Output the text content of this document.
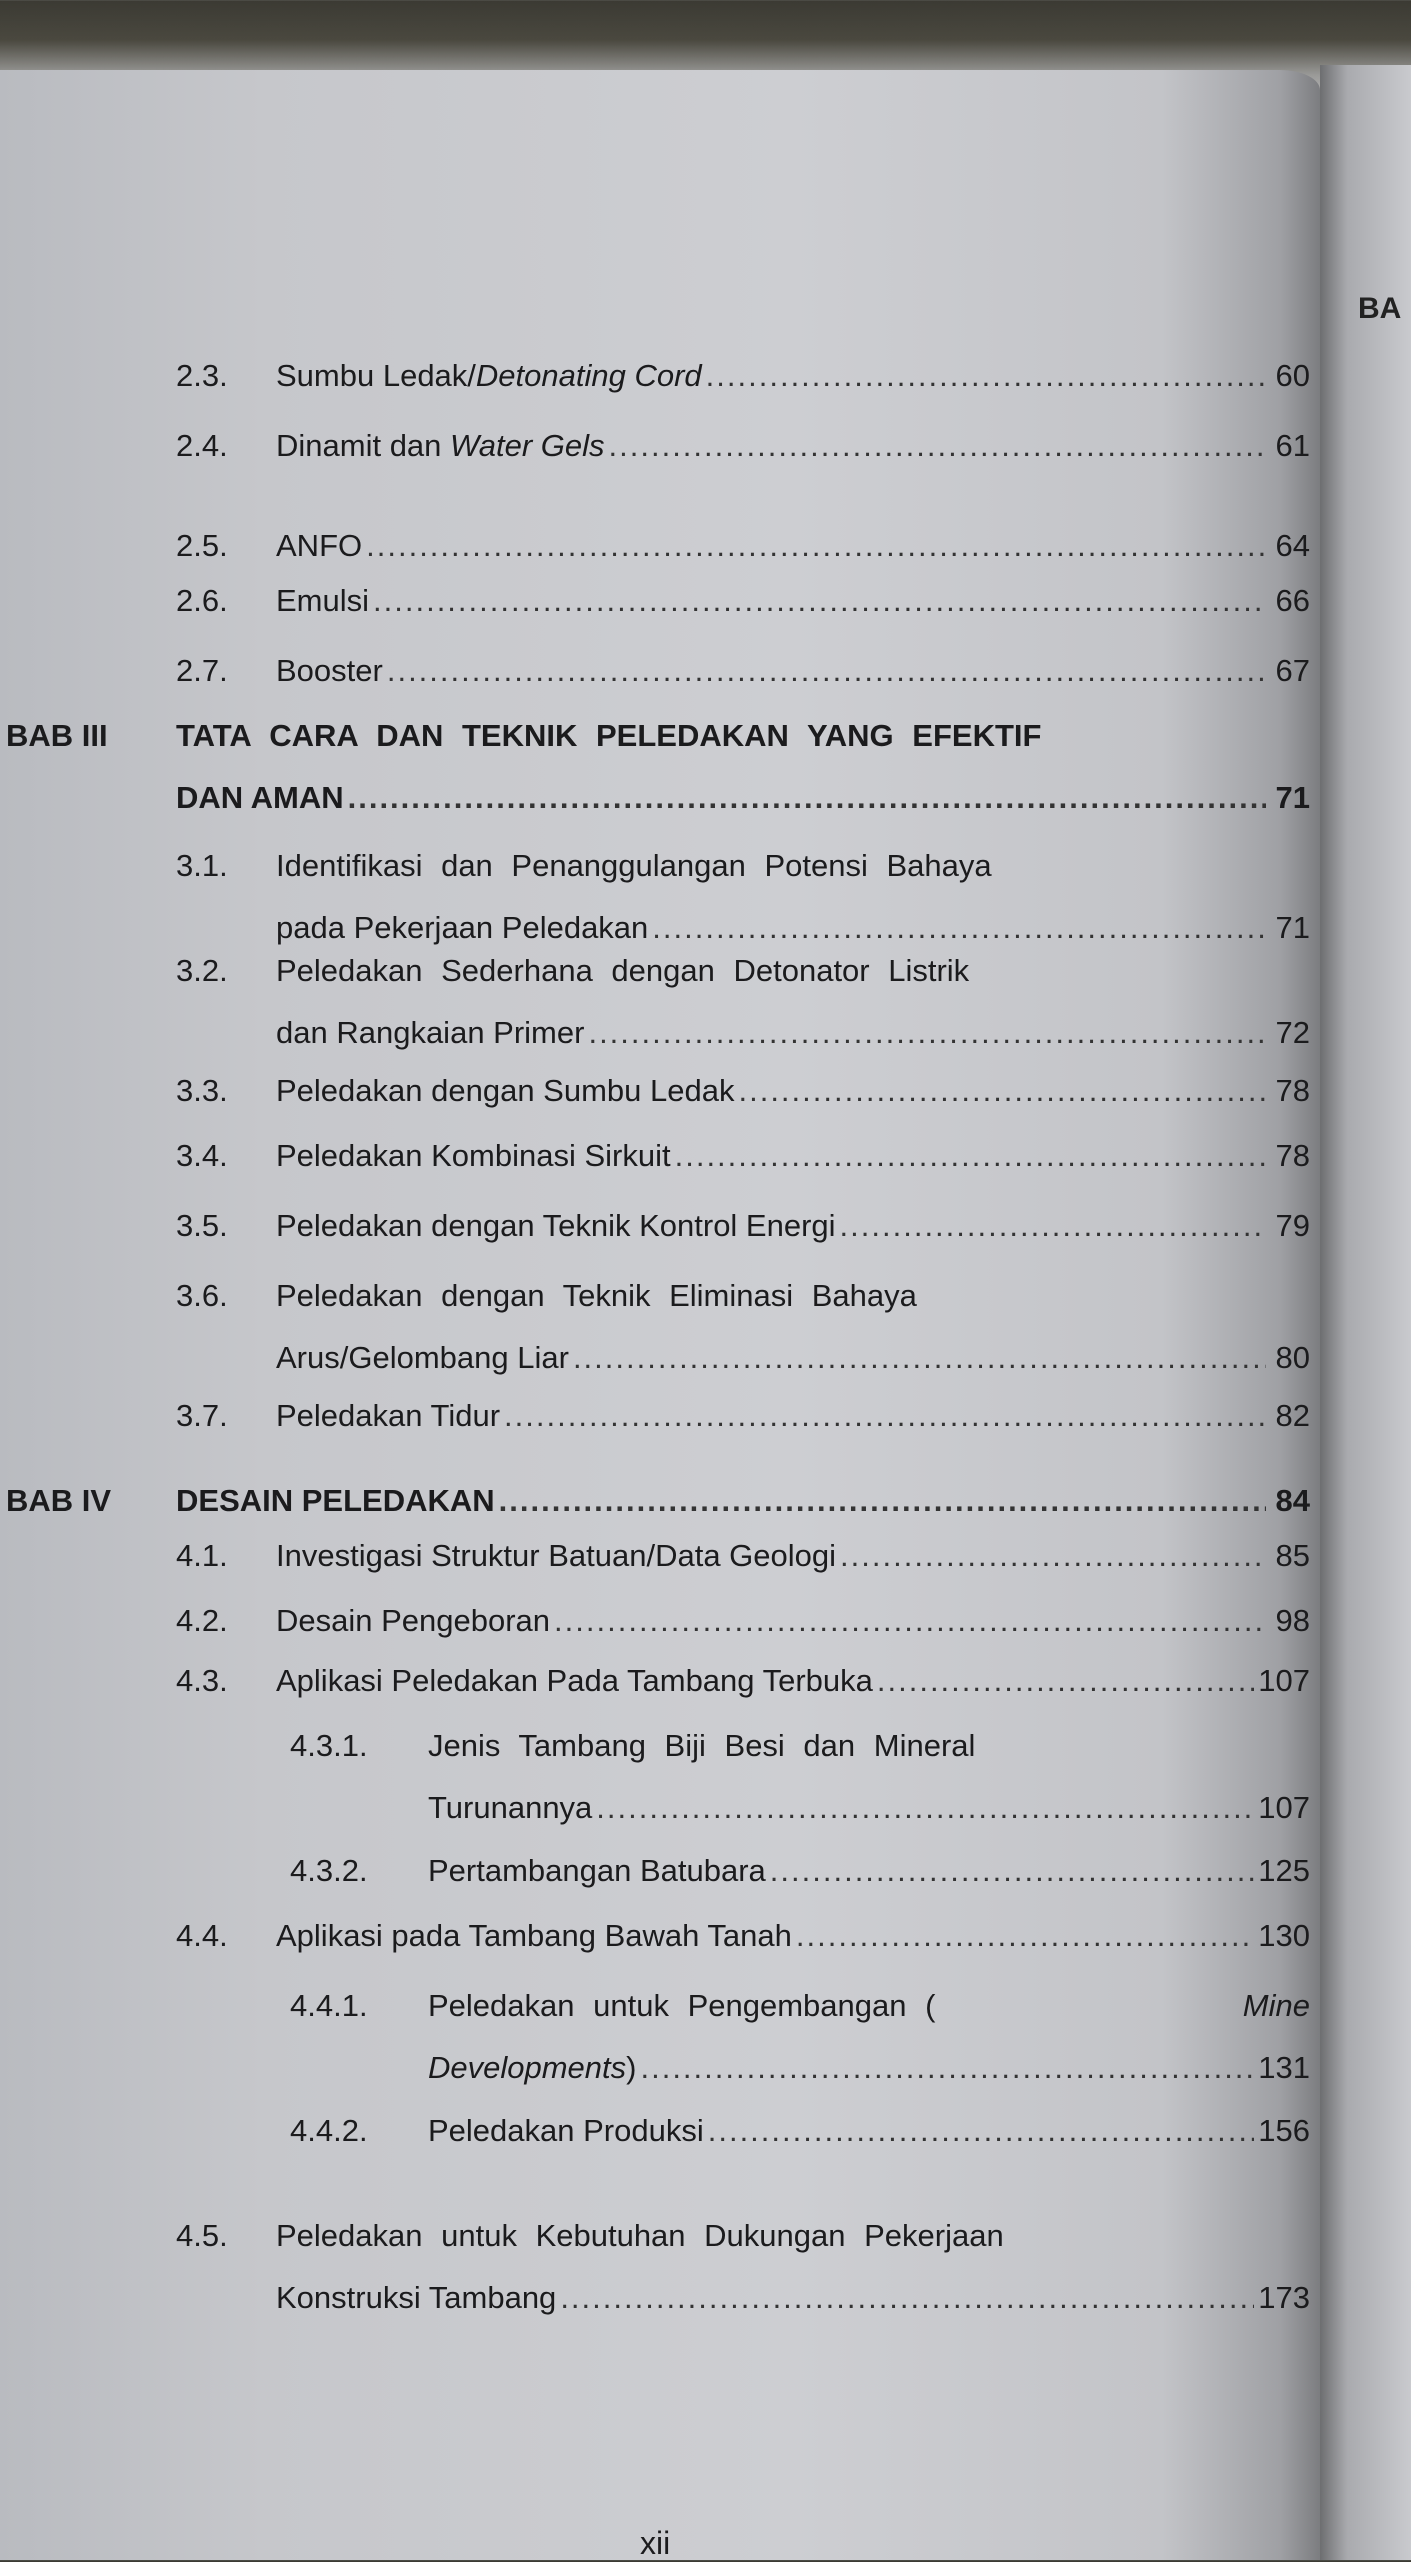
2.3. Sumbu Ledak/ Detonating Cord .....	60
2.4. Dinamit dan Water Gels .....	61
2.5. ANFO .....	64
2.6. Emulsi .....	66
2.7. Booster .....	67
BAB III TATA CARA DAN TEKNIK PELEDAKAN YANG EFEKTIF
DAN AMAN .....	71
3.1. Identifikasi dan Penanggulangan Potensi Bahaya
pada Pekerjaan Peledakan .....	71
3.2. Peledakan Sederhana dengan Detonator Listrik
dan Rangkaian Primer .....	72
3.3. Peledakan dengan Sumbu Ledak .....	78
3.4. Peledakan Kombinasi Sirkuit .....	78
3.5. Peledakan dengan Teknik Kontrol Energi .....	79
3.6. Peledakan dengan Teknik Eliminasi Bahaya
Arus/Gelombang Liar .....	80
3.7. Peledakan Tidur .....	82
BAB IV DESAIN PELEDAKAN .....	84
4.1. Investigasi Struktur Batuan/Data Geologi .....	85
4.2. Desain Pengeboran .....	98
4.3. Aplikasi Peledakan Pada Tambang Terbuka .....	107
4.3.1. Jenis Tambang Biji Besi dan Mineral
Turunannya .....	107
4.3.2. Pertambangan Batubara .....	125
4.4. Aplikasi pada Tambang Bawah Tanah .....	130
4.4.1. Peledakan untuk Pengembangan (	Mine
Developments ) .....	131
4.4.2. Peledakan Produksi .....	156
4.5. Peledakan untuk Kebutuhan Dukungan Pekerjaan
Konstruksi Tambang .....	173
xii
BA
